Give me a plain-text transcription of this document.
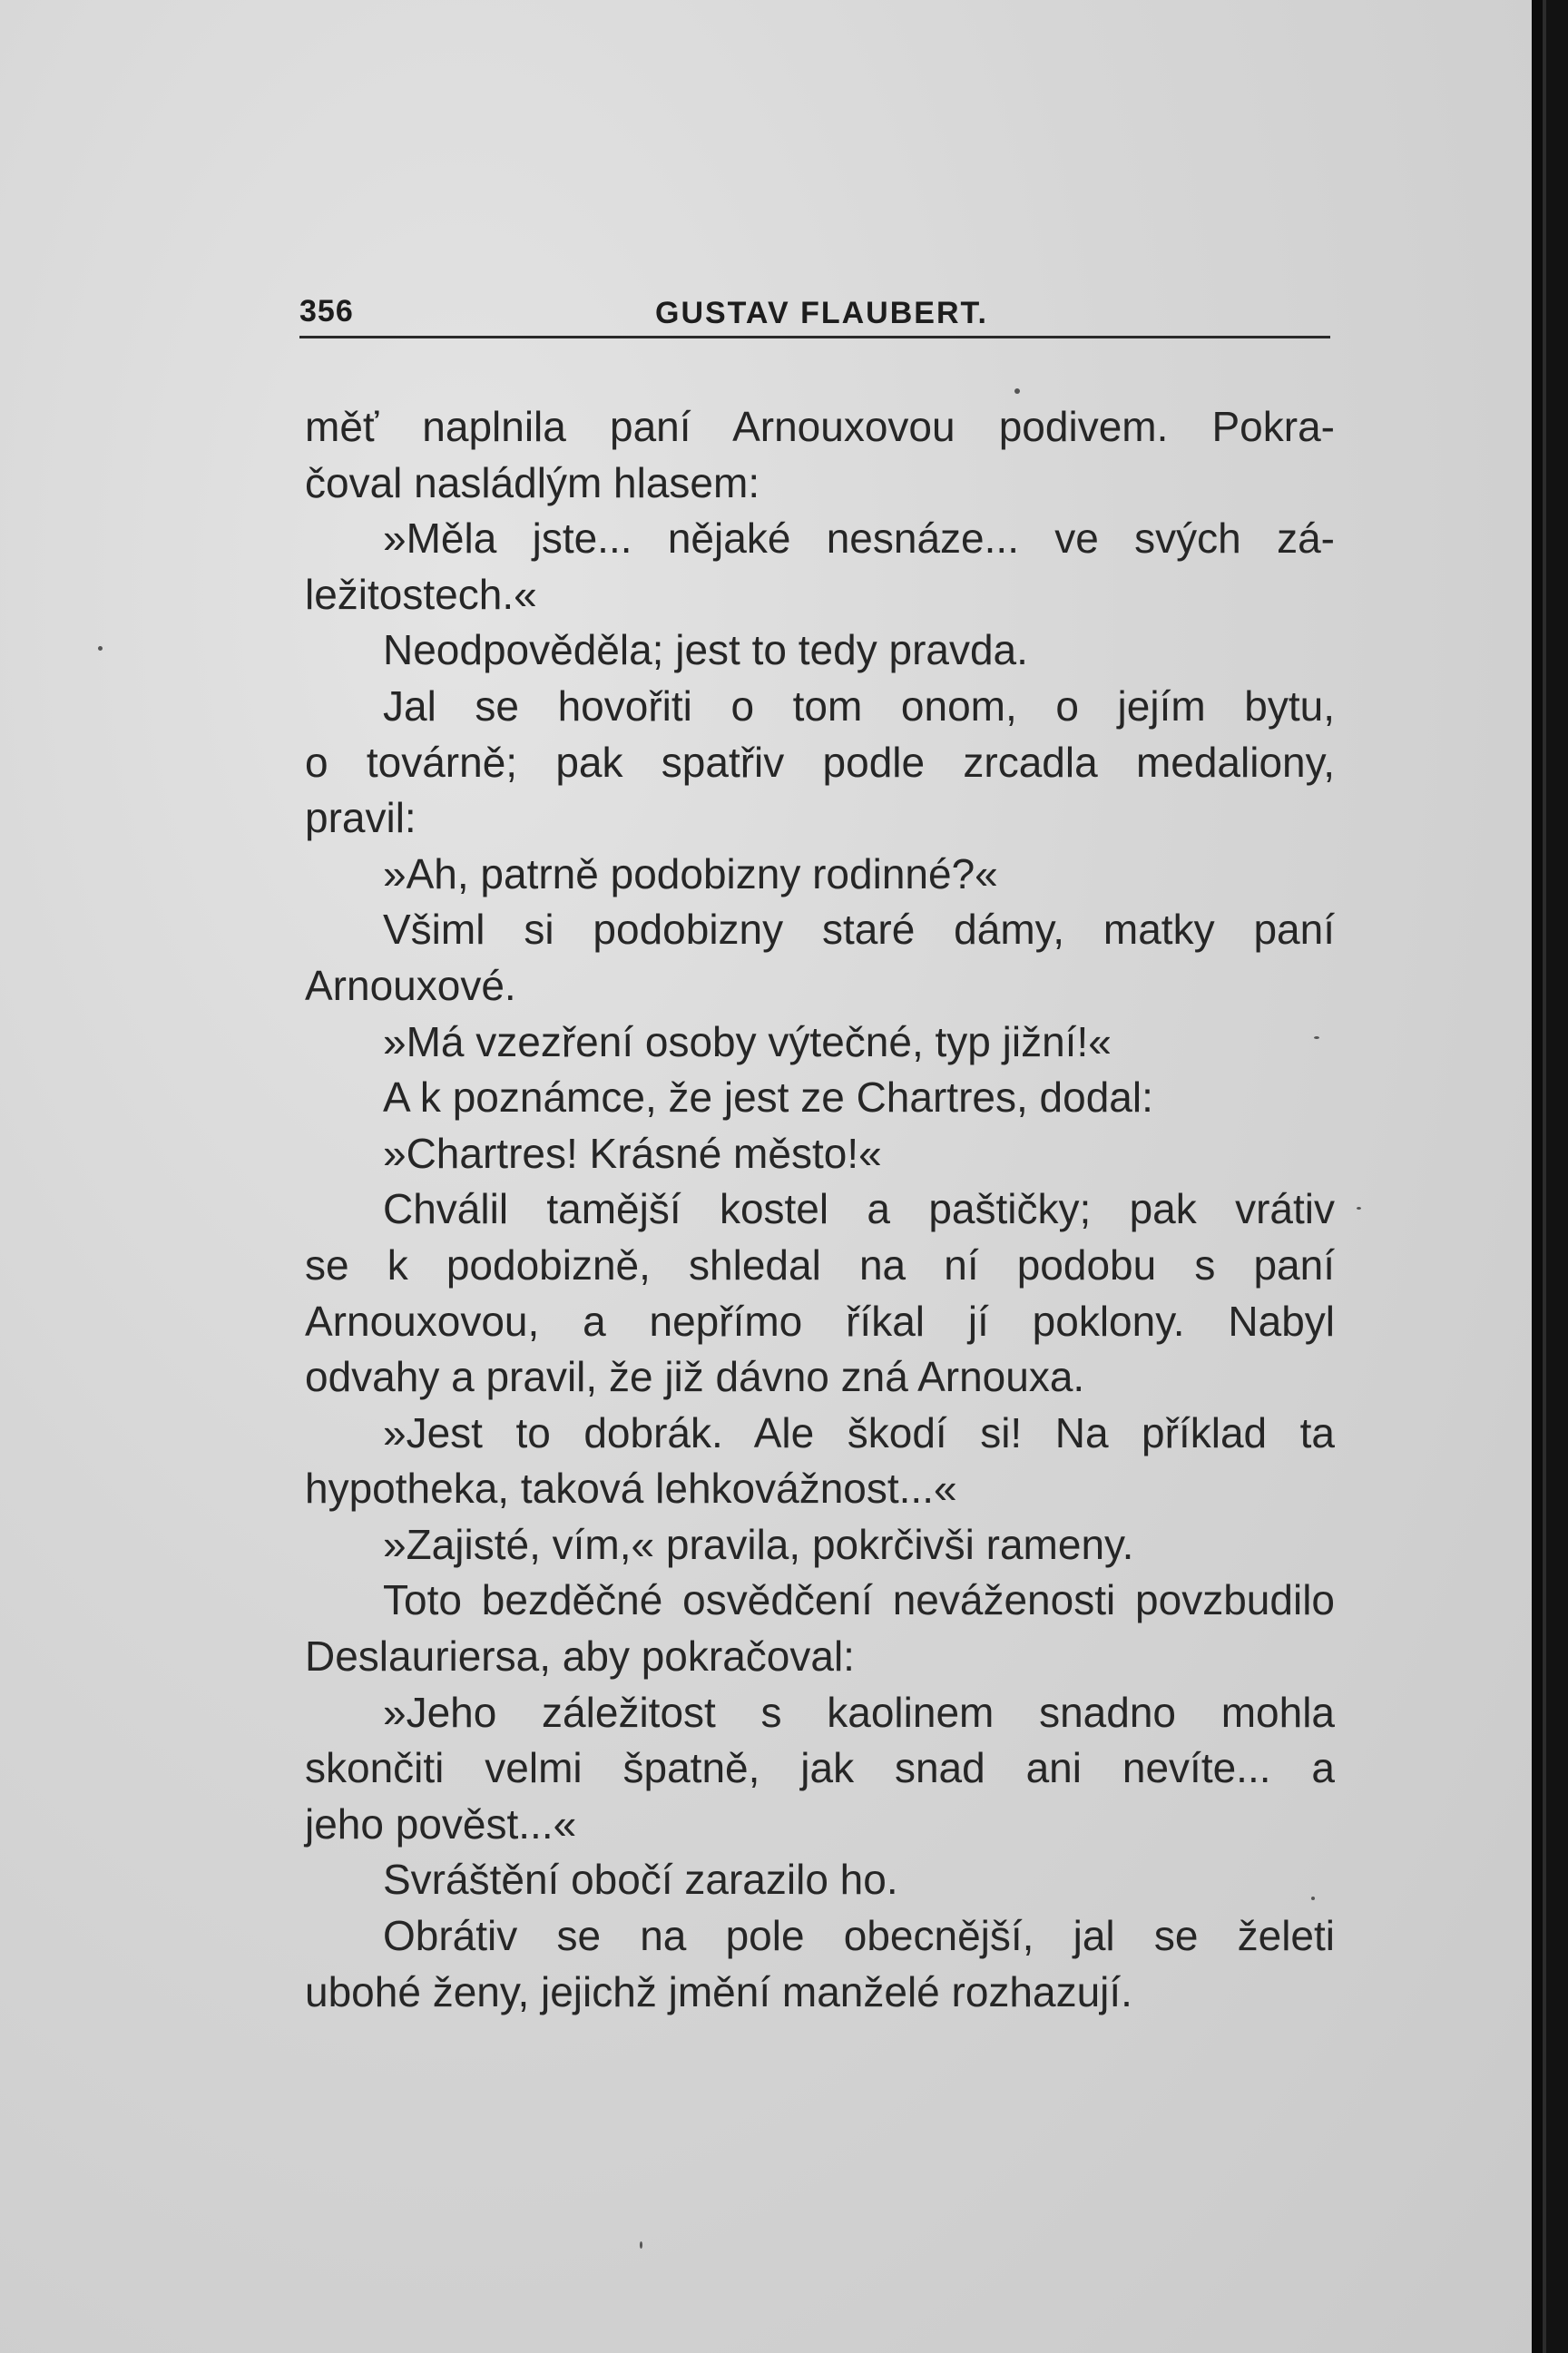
356	GUSTAV FLAUBERT.
měť naplnila paní Arnouxovou podivem. Pokra-
čoval nasládlým hlasem:
»Měla jste... nějaké nesnáze... ve svých zá-
ležitostech.«
Neodpověděla; jest to tedy pravda.
Jal se hovořiti o tom onom, o jejím bytu,
o továrně; pak spatřiv podle zrcadla medaliony,
pravil:
»Ah, patrně podobizny rodinné?«
Všiml si podobizny staré dámy, matky paní
Arnouxové.
»Má vzezření osoby výtečné, typ jižní!«
A k poznámce, že jest ze Chartres, dodal:
»Chartres! Krásné město!«
Chválil tamější kostel a paštičky; pak vrátiv
se k podobizně, shledal na ní podobu s paní
Arnouxovou, a nepřímo říkal jí poklony. Nabyl
odvahy a pravil, že již dávno zná Arnouxa.
»Jest to dobrák. Ale škodí si! Na příklad ta
hypotheka, taková lehkovážnost...«
»Zajisté, vím,« pravila, pokrčivši rameny.
Toto bezděčné osvědčení neváženosti povzbudilo
Deslauriersa, aby pokračoval:
»Jeho záležitost s kaolinem snadno mohla
skončiti velmi špatně, jak snad ani nevíte... a
jeho pověst...«
Svráštění obočí zarazilo ho.
Obrátiv se na pole obecnější, jal se želeti
ubohé ženy, jejichž jmění manželé rozhazují.
